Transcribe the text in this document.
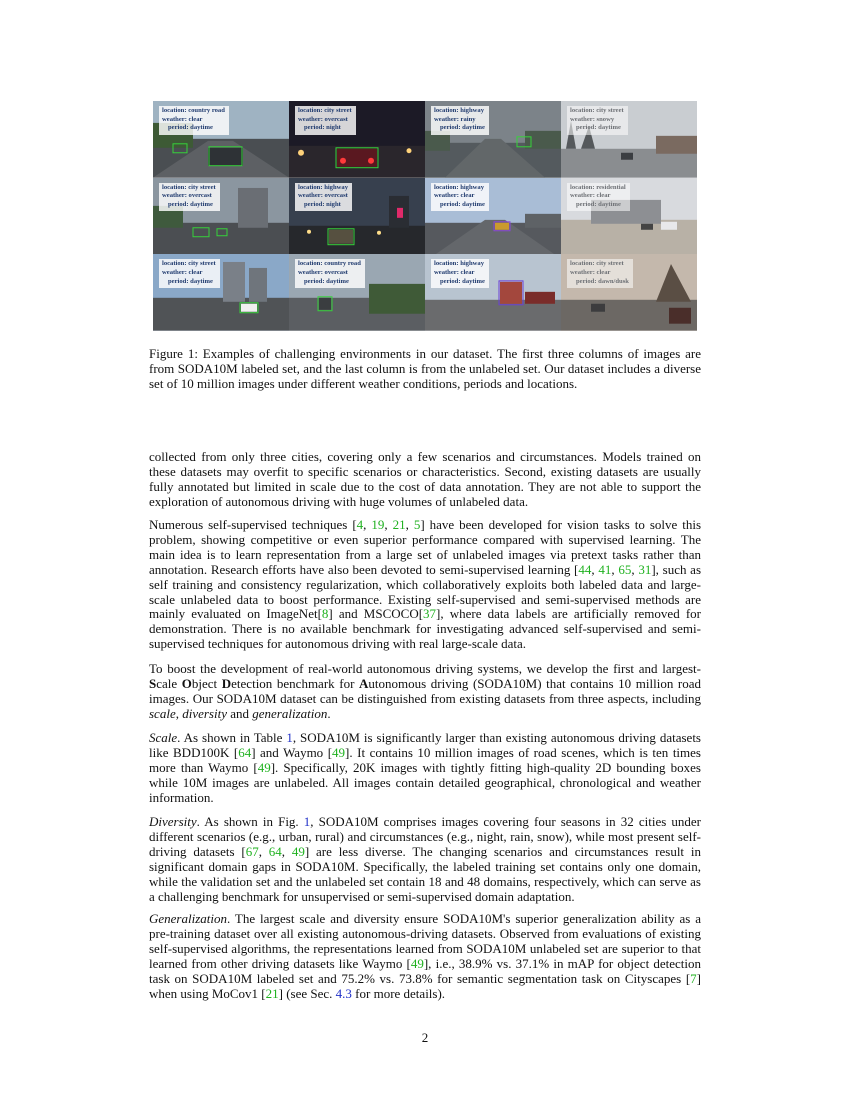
location: country road
weather: clear
period: daytime
location: city street
weather: overcast
period: night
location: highway
weather: rainy
period: daytime
location: city street
weather: snowy
period: daytime
location: city street
weather: overcast
period: daytime
location: highway
weather: overcast
period: night
location: highway
weather: clear
period: daytime
location: residential
weather: clear
period: daytime
location: city street
weather: clear
period: daytime
location: country road
weather: overcast
period: daytime
location: highway
weather: clear
period: daytime
location: city street
weather: clear
period: dawn/dusk
Figure 1: Examples of challenging environments in our dataset. The first three columns of images are from SODA10M labeled set, and the last column is from the unlabeled set. Our dataset includes a diverse set of 10 million images under different weather conditions, periods and locations.

collected from only three cities, covering only a few scenarios and circumstances. Models trained on these datasets may overfit to specific scenarios or characteristics. Second, existing datasets are usually fully annotated but limited in scale due to the cost of data annotation. They are not able to support the exploration of autonomous driving with huge volumes of unlabeled data.

Numerous self-supervised techniques [4, 19, 21, 5] have been developed for vision tasks to solve this problem, showing competitive or even superior performance compared with supervised learning. The main idea is to learn representation from a large set of unlabeled images via pretext tasks rather than annotation. Research efforts have also been devoted to semi-supervised learning [44, 41, 65, 31], such as self training and consistency regularization, which collaboratively exploits both labeled data and large-scale unlabeled data to boost performance. Existing self-supervised and semi-supervised methods are mainly evaluated on ImageNet[8] and MSCOCO[37], where data labels are artificially removed for demonstration. There is no available benchmark for investigating advanced self-supervised and semi-supervised techniques for autonomous driving with real large-scale data.

To boost the development of real-world autonomous driving systems, we develop the first and largest-Scale Object Detection benchmark for Autonomous driving (SODA10M) that contains 10 million road images. Our SODA10M dataset can be distinguished from existing datasets from three aspects, including scale, diversity and generalization.

Scale. As shown in Table 1, SODA10M is significantly larger than existing autonomous driving datasets like BDD100K [64] and Waymo [49]. It contains 10 million images of road scenes, which is ten times more than Waymo [49]. Specifically, 20K images with tightly fitting high-quality 2D bounding boxes while 10M images are unlabeled. All images contain detailed geographical, chronological and weather information.

Diversity. As shown in Fig. 1, SODA10M comprises images covering four seasons in 32 cities under different scenarios (e.g., urban, rural) and circumstances (e.g., night, rain, snow), while most present self-driving datasets [67, 64, 49] are less diverse. The changing scenarios and circumstances result in significant domain gaps in SODA10M. Specifically, the labeled training set contains only one domain, while the validation set and the unlabeled set contain 18 and 48 domains, respectively, which can serve as a challenging benchmark for unsupervised or semi-supervised domain adaptation.

Generalization. The largest scale and diversity ensure SODA10M's superior generalization ability as a pre-training dataset over all existing autonomous-driving datasets. Observed from evaluations of existing self-supervised algorithms, the representations learned from SODA10M unlabeled set are superior to that learned from other driving datasets like Waymo [49], i.e., 38.9% vs. 37.1% in mAP for object detection task on SODA10M labeled set and 75.2% vs. 73.8% for semantic segmentation task on Cityscapes [7] when using MoCov1 [21] (see Sec. 4.3 for more details).

2
